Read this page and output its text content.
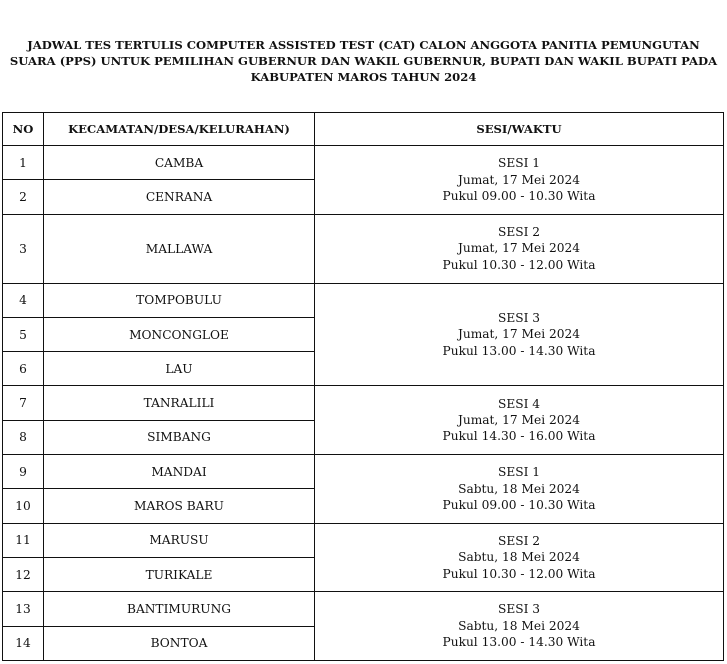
JADWAL TES TERTULIS COMPUTER ASSISTED TEST (CAT) CALON ANGGOTA PANITIA PEMUNGUTAN
SUARA (PPS) UNTUK PEMILIHAN GUBERNUR DAN WAKIL GUBERNUR, BUPATI DAN WAKIL BUPATI PADA
KABUPATEN MAROS TAHUN 2024
NO	KECAMATAN/DESA/KELURAHAN)	SESI/WAKTU
1	CAMBA	SESI 1
Jumat, 17 Mei 2024
Pukul 09.00 - 10.30 Wita

2	CENRANA	
3	MALLAWA	SESI 2
Jumat, 17 Mei 2024
Pukul 10.30 - 12.00 Wita

4	TOMPOBULU	SESI 3
Jumat, 17 Mei 2024
Pukul 13.00 - 14.30 Wita

5	MONCONGLOE	
6	LAU	
7	TANRALILI	SESI 4
Jumat, 17 Mei 2024
Pukul 14.30 - 16.00 Wita

8	SIMBANG	
9	MANDAI	SESI 1
Sabtu, 18 Mei 2024
Pukul 09.00 - 10.30 Wita

10	MAROS BARU	
11	MARUSU	SESI 2
Sabtu, 18 Mei 2024
Pukul 10.30 - 12.00 Wita

12	TURIKALE	
13	BANTIMURUNG	SESI 3
Sabtu, 18 Mei 2024
Pukul 13.00 - 14.30 Wita

14	BONTOA	
